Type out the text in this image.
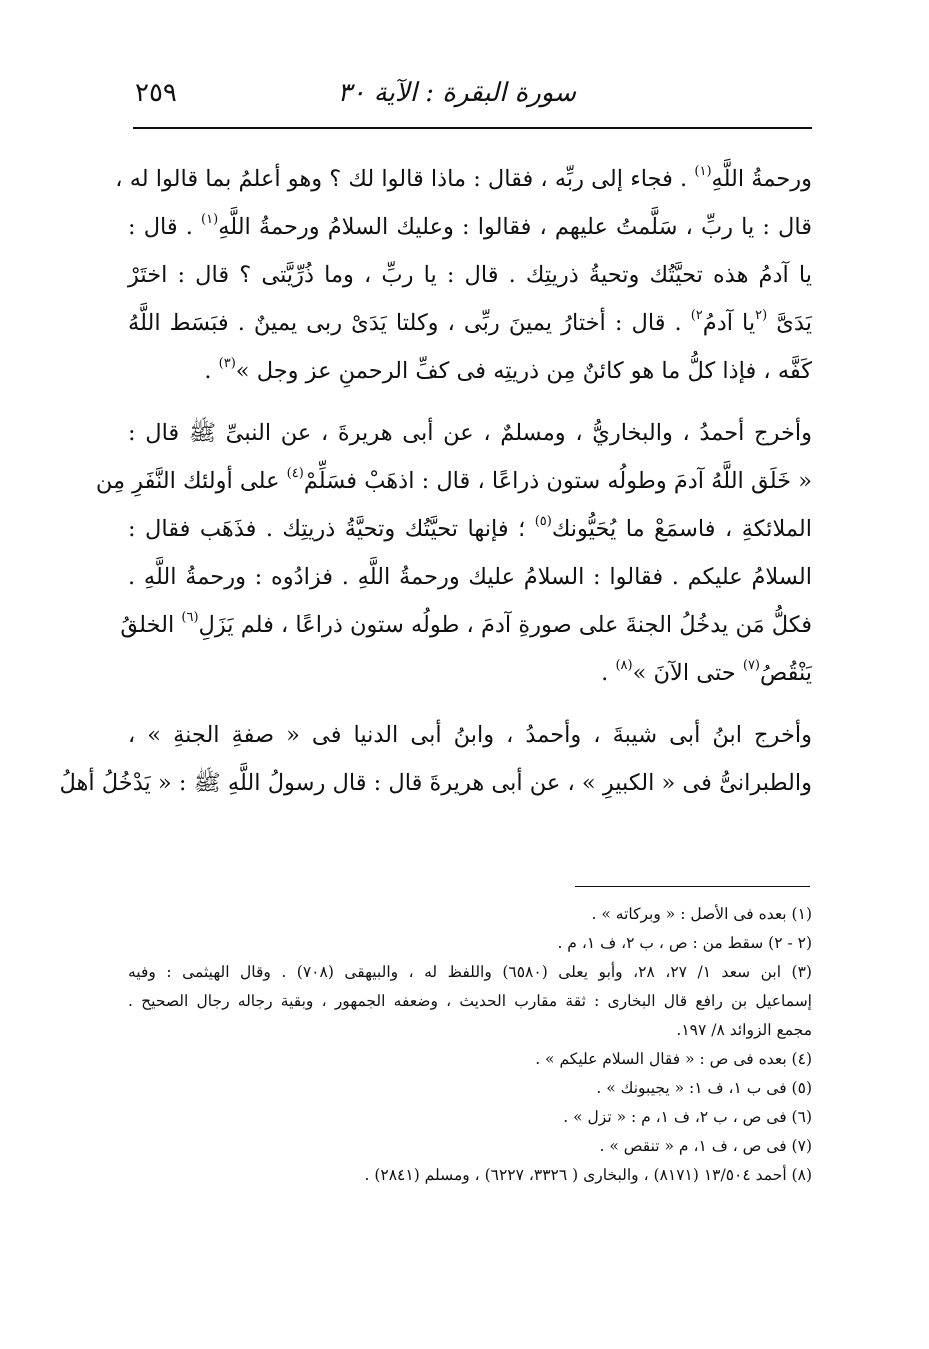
سورة البقرة : الآية ٣٠
٢٥٩
ورحمةُ اللَّهِ$^{(١)}$ . فجاء إلى ربِّه ، فقال : ماذا قالوا لك ؟ وهو أعلمُ بما قالوا له ،
قال : يا ربِّ ، سَلَّمتُ عليهم ، فقالوا : وعليك السلامُ ورحمةُ اللَّهِ$^{(١)}$ . قال :
يا آدمُ هذه تحيَّتُك وتحيةُ ذريتِك . قال : يا ربِّ ، وما ذُرِّيَّتى ؟ قال : اختَرْ
يَدَىَّ $^{(٢}$يا آدمُ$^{٢)}$ . قال : أختارُ يمينَ ربِّى ، وكلتا يَدَىْ ربى يمينٌ . فبَسَط اللَّهُ
كَفَّه ، فإذا كلُّ ما هو كائنٌ مِن ذريتِه فى كفِّ الرحمنِ عز وجل »$^{(٣)}$ .
وأخرج أحمدُ ، والبخاريُّ ، ومسلمٌ ، عن أبى هريرةَ ، عن النبىِّ ﷺ قال :
« خَلَق اللَّهُ آدمَ وطولُه ستون ذراعًا ، قال : اذهَبْ فسَلِّمْ$^{(٤)}$ على أولئك النَّفَرِ مِن
الملائكةِ ، فاسمَعْ ما يُحَيُّونك$^{(٥)}$ ؛ فإنها تحيَّتُك وتحيَّةُ ذريتِك . فذَهَب فقال :
السلامُ عليكم . فقالوا : السلامُ عليك ورحمةُ اللَّهِ . فزادُوه : ورحمةُ اللَّهِ .
فكلُّ مَن يدخُلُ الجنةَ على صورةِ آدمَ ، طولُه ستون ذراعًا ، فلم يَزَلِ$^{(٦)}$ الخلقُ
يَنْقُصُ$^{(٧)}$ حتى الآنَ »$^{(٨)}$ .
وأخرج ابنُ أبى شيبةَ ، وأحمدُ ، وابنُ أبى الدنيا فى « صفةِ الجنةِ » ،
والطبرانىُّ فى « الكبيرِ » ، عن أبى هريرةَ قال : قال رسولُ اللَّهِ ﷺ : « يَدْخُلُ أهلُ
(١) بعده فى الأصل : « وبركاته » .
(٢ - ٢) سقط من : ص ، ب ٢، ف ١، م .
(٣) ابن سعد ١/ ٢٧، ٢٨، وأبو يعلى (٦٥٨٠) واللفظ له ، والبيهقى (٧٠٨) . وقال الهيثمى : وفيه
إسماعيل بن رافع قال البخارى : ثقة مقارب الحديث ، وضعفه الجمهور ، وبقية رجاله رجال الصحيح .
مجمع الزوائد ٨/ ١٩٧.
(٤) بعده فى ص : « فقال السلام عليكم » .
(٥) فى ب ١، ف ١: « يجيبونك » .
(٦) فى ص ، ب ٢، ف ١، م : « تزل » .
(٧) فى ص ، ف ١، م « تنقص » .
(٨) أحمد ١٣/٥٠٤ (٨١٧١) ، والبخارى ( ٣٣٢٦، ٦٢٢٧) ، ومسلم (٢٨٤١) .
